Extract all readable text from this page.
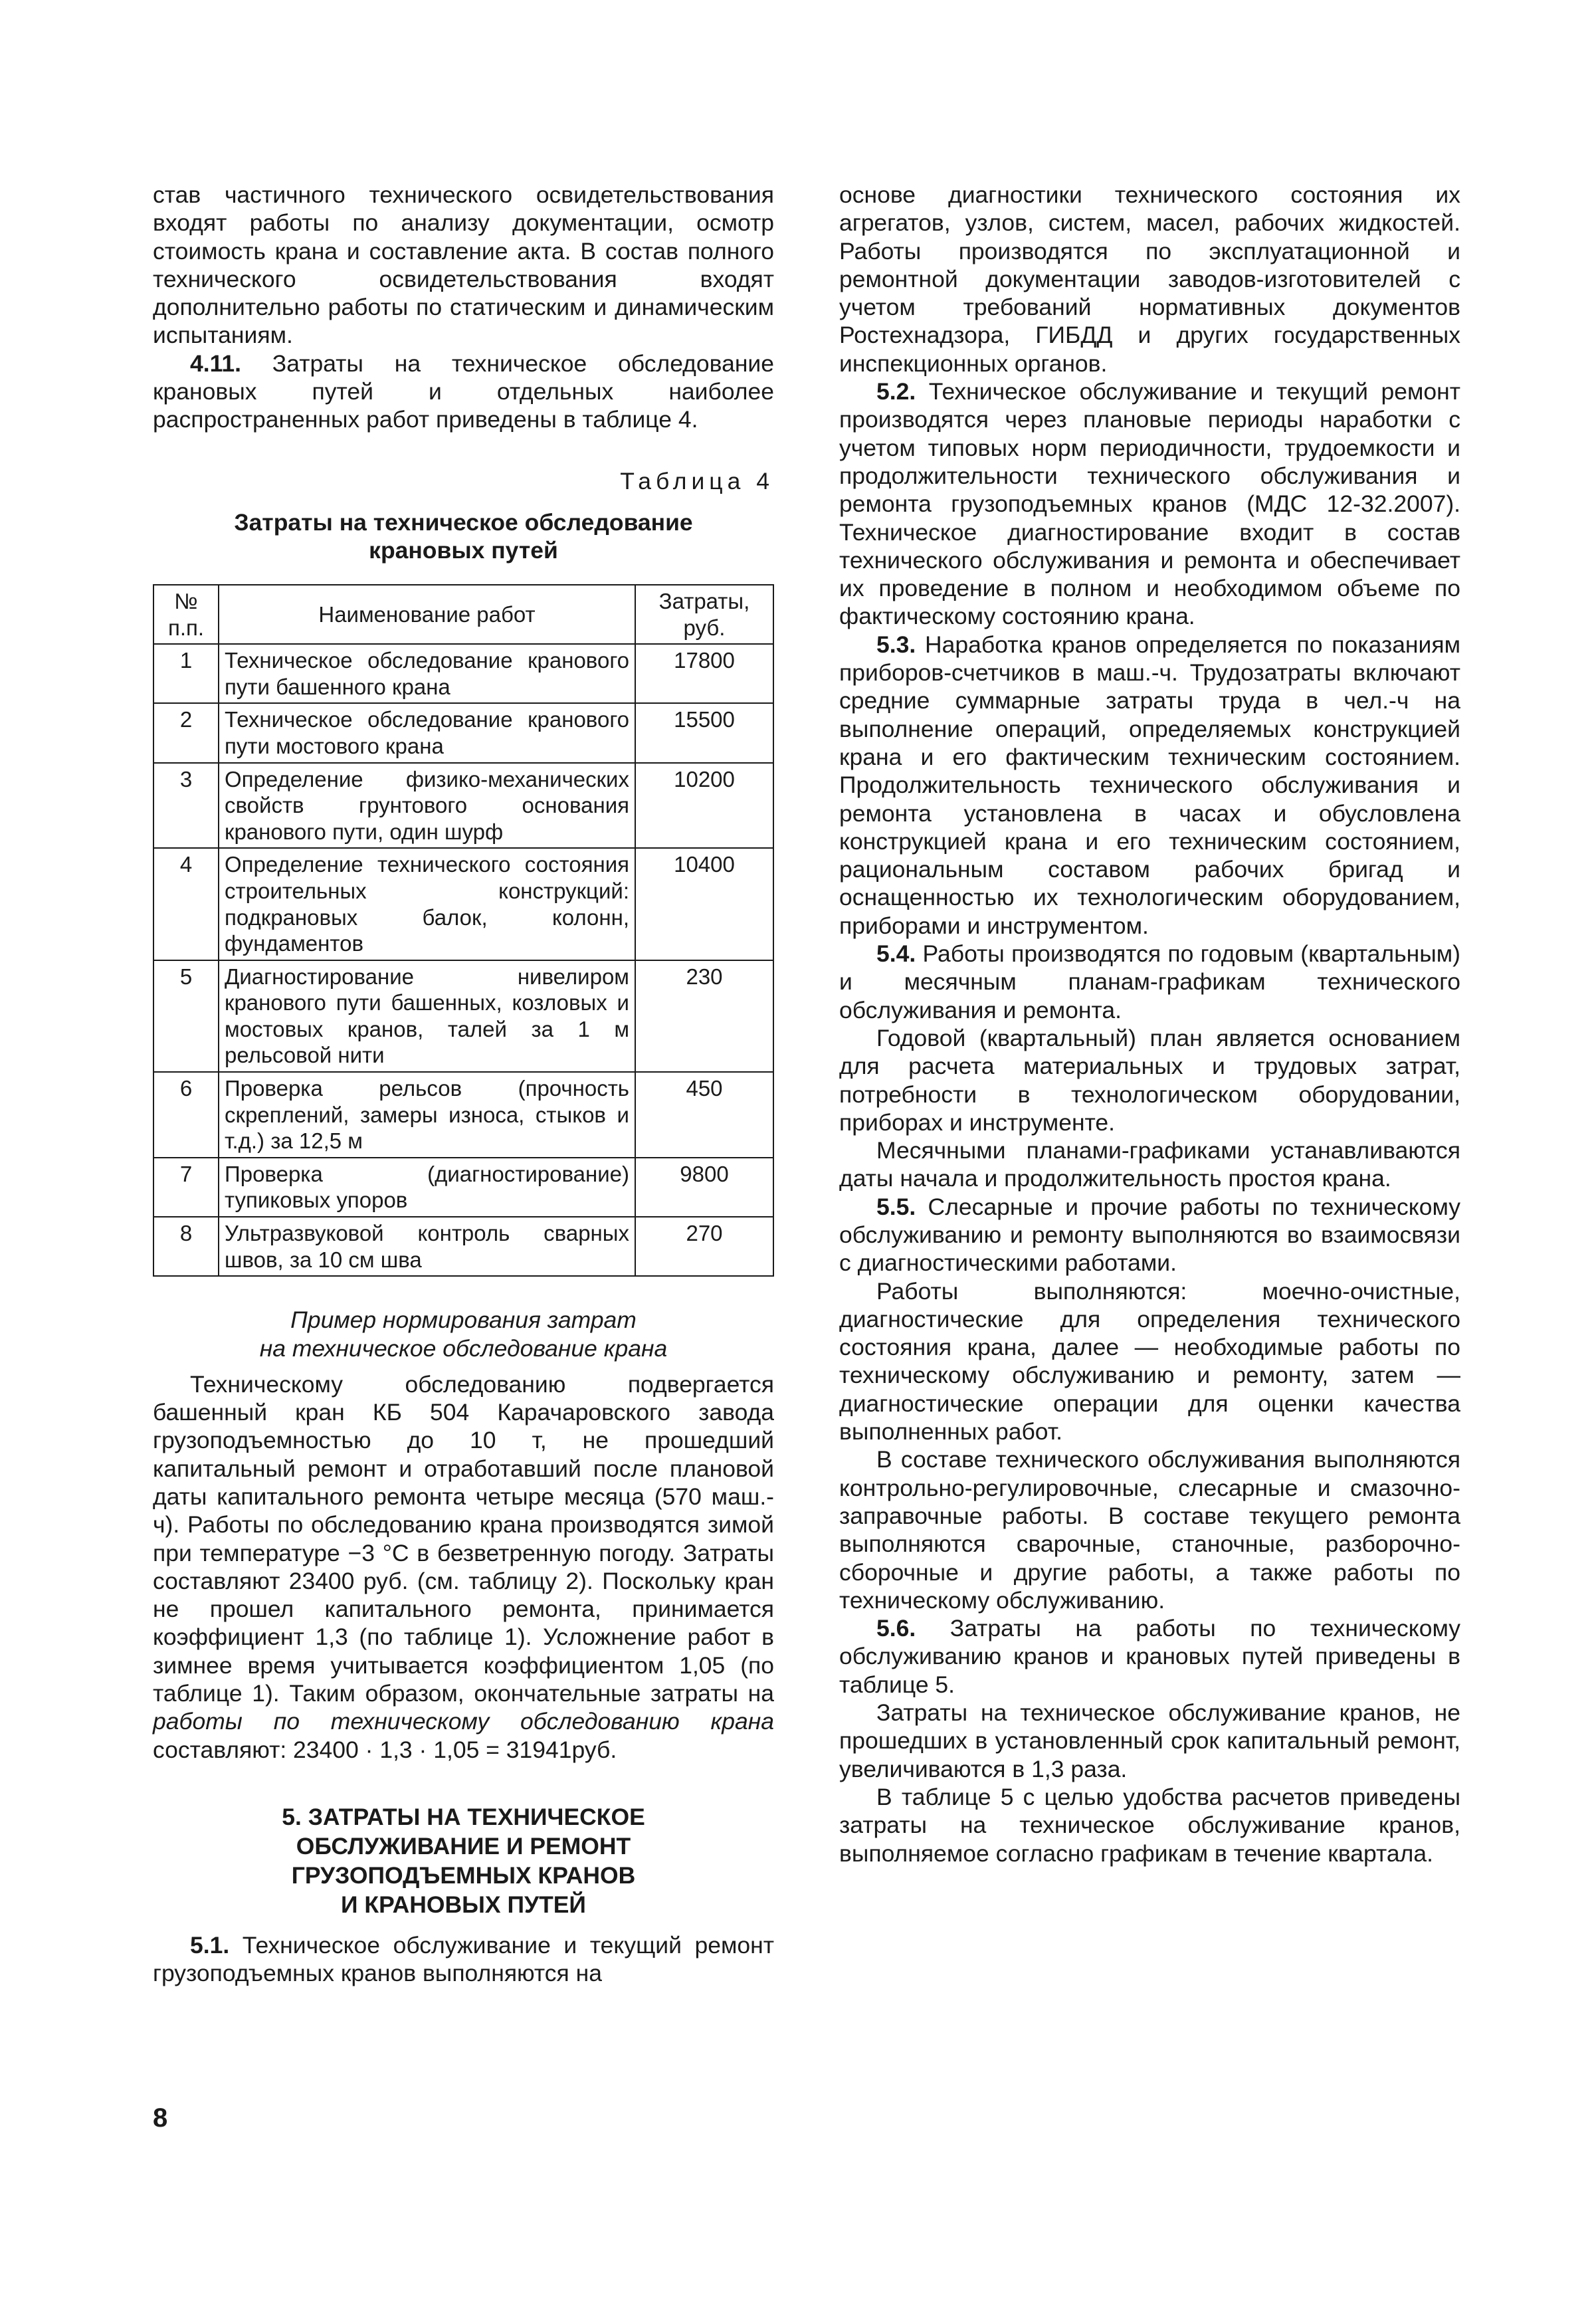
став частичного технического освидетельствования входят работы по анализу документации, осмотр стоимость крана и составление акта. В состав полного технического освидетельствования входят дополнительно работы по статическим и динамическим испытаниям.

4.11. Затраты на техническое обследование крановых путей и отдельных наиболее распространенных работ приведены в таблице 4.

Таблица 4
Затраты на техническое обследование
крановых путей
№ п.п.	Наименование работ	Затраты, руб.
1	Техническое обследование кранового пути башенного крана	17800
2	Техническое обследование кранового пути мостового крана	15500
3	Определение физико-механических свойств грунтового основания кранового пути, один шурф	10200
4	Определение технического состояния строительных конструкций: подкрановых балок, колонн, фундаментов	10400
5	Диагностирование нивелиром кранового пути башенных, козловых и мостовых кранов, талей за 1 м рельсовой нити	230
6	Проверка рельсов (прочность скреплений, замеры износа, стыков и т.д.) за 12,5 м	450
7	Проверка (диагностирование) тупиковых упоров	9800
8	Ультразвуковой контроль сварных швов, за 10 см шва	270
Пример нормирования затрат
на техническое обследование крана

Техническому обследованию подвергается башенный кран КБ 504 Карачаровского завода грузоподъемностью до 10 т, не прошедший капитальный ремонт и отработавший после плановой даты капитального ремонта четыре месяца (570 маш.-ч). Работы по обследованию крана производятся зимой при температуре −3 °С в безветренную погоду. Затраты составляют 23400 руб. (см. таблицу 2). Поскольку кран не прошел капитального ремонта, принимается коэффициент 1,3 (по таблице 1). Усложнение работ в зимнее время учитывается коэффициентом 1,05 (по таблице 1). Таким образом, окончательные затраты на работы по техническому обследованию крана составляют: 23400 · 1,3 · 1,05 = 31941руб.

5. ЗАТРАТЫ НА ТЕХНИЧЕСКОЕ
ОБСЛУЖИВАНИЕ И РЕМОНТ
ГРУЗОПОДЪЕМНЫХ КРАНОВ
И КРАНОВЫХ ПУТЕЙ

5.1. Техническое обслуживание и текущий ремонт грузоподъемных кранов выполняются на

основе диагностики технического состояния их агрегатов, узлов, систем, масел, рабочих жидкостей. Работы производятся по эксплуатационной и ремонтной документации заводов-изготовителей с учетом требований нормативных документов Ростехнадзора, ГИБДД и других государственных инспекционных органов.

5.2. Техническое обслуживание и текущий ремонт производятся через плановые периоды наработки с учетом типовых норм периодичности, трудоемкости и продолжительности технического обслуживания и ремонта грузоподъемных кранов (МДС 12-32.2007). Техническое диагностирование входит в состав технического обслуживания и ремонта и обеспечивает их проведение в полном и необходимом объеме по фактическому состоянию крана.

5.3. Наработка кранов определяется по показаниям приборов-счетчиков в маш.-ч. Трудозатраты включают средние суммарные затраты труда в чел.-ч на выполнение операций, определяемых конструкцией крана и его фактическим техническим состоянием. Продолжительность технического обслуживания и ремонта установлена в часах и обусловлена конструкцией крана и его техническим состоянием, рациональным составом рабочих бригад и оснащенностью их технологическим оборудованием, приборами и инструментом.

5.4. Работы производятся по годовым (квартальным) и месячным планам-графикам технического обслуживания и ремонта.

Годовой (квартальный) план является основанием для расчета материальных и трудовых затрат, потребности в технологическом оборудовании, приборах и инструменте.

Месячными планами-графиками устанавливаются даты начала и продолжительность простоя крана.

5.5. Слесарные и прочие работы по техническому обслуживанию и ремонту выполняются во взаимосвязи с диагностическими работами.

Работы выполняются: моечно-очистные, диагностические для определения технического состояния крана, далее — необходимые работы по техническому обслуживанию и ремонту, затем — диагностические операции для оценки качества выполненных работ.

В составе технического обслуживания выполняются контрольно-регулировочные, слесарные и смазочно-заправочные работы. В составе текущего ремонта выполняются сварочные, станочные, разборочно-сборочные и другие работы, а также работы по техническому обслуживанию.

5.6. Затраты на работы по техническому обслуживанию кранов и крановых путей приведены в таблице 5.

Затраты на техническое обслуживание кранов, не прошедших в установленный срок капитальный ремонт, увеличиваются в 1,3 раза.

В таблице 5 с целью удобства расчетов приведены затраты на техническое обслуживание кранов, выполняемое согласно графикам в течение квартала.

8
